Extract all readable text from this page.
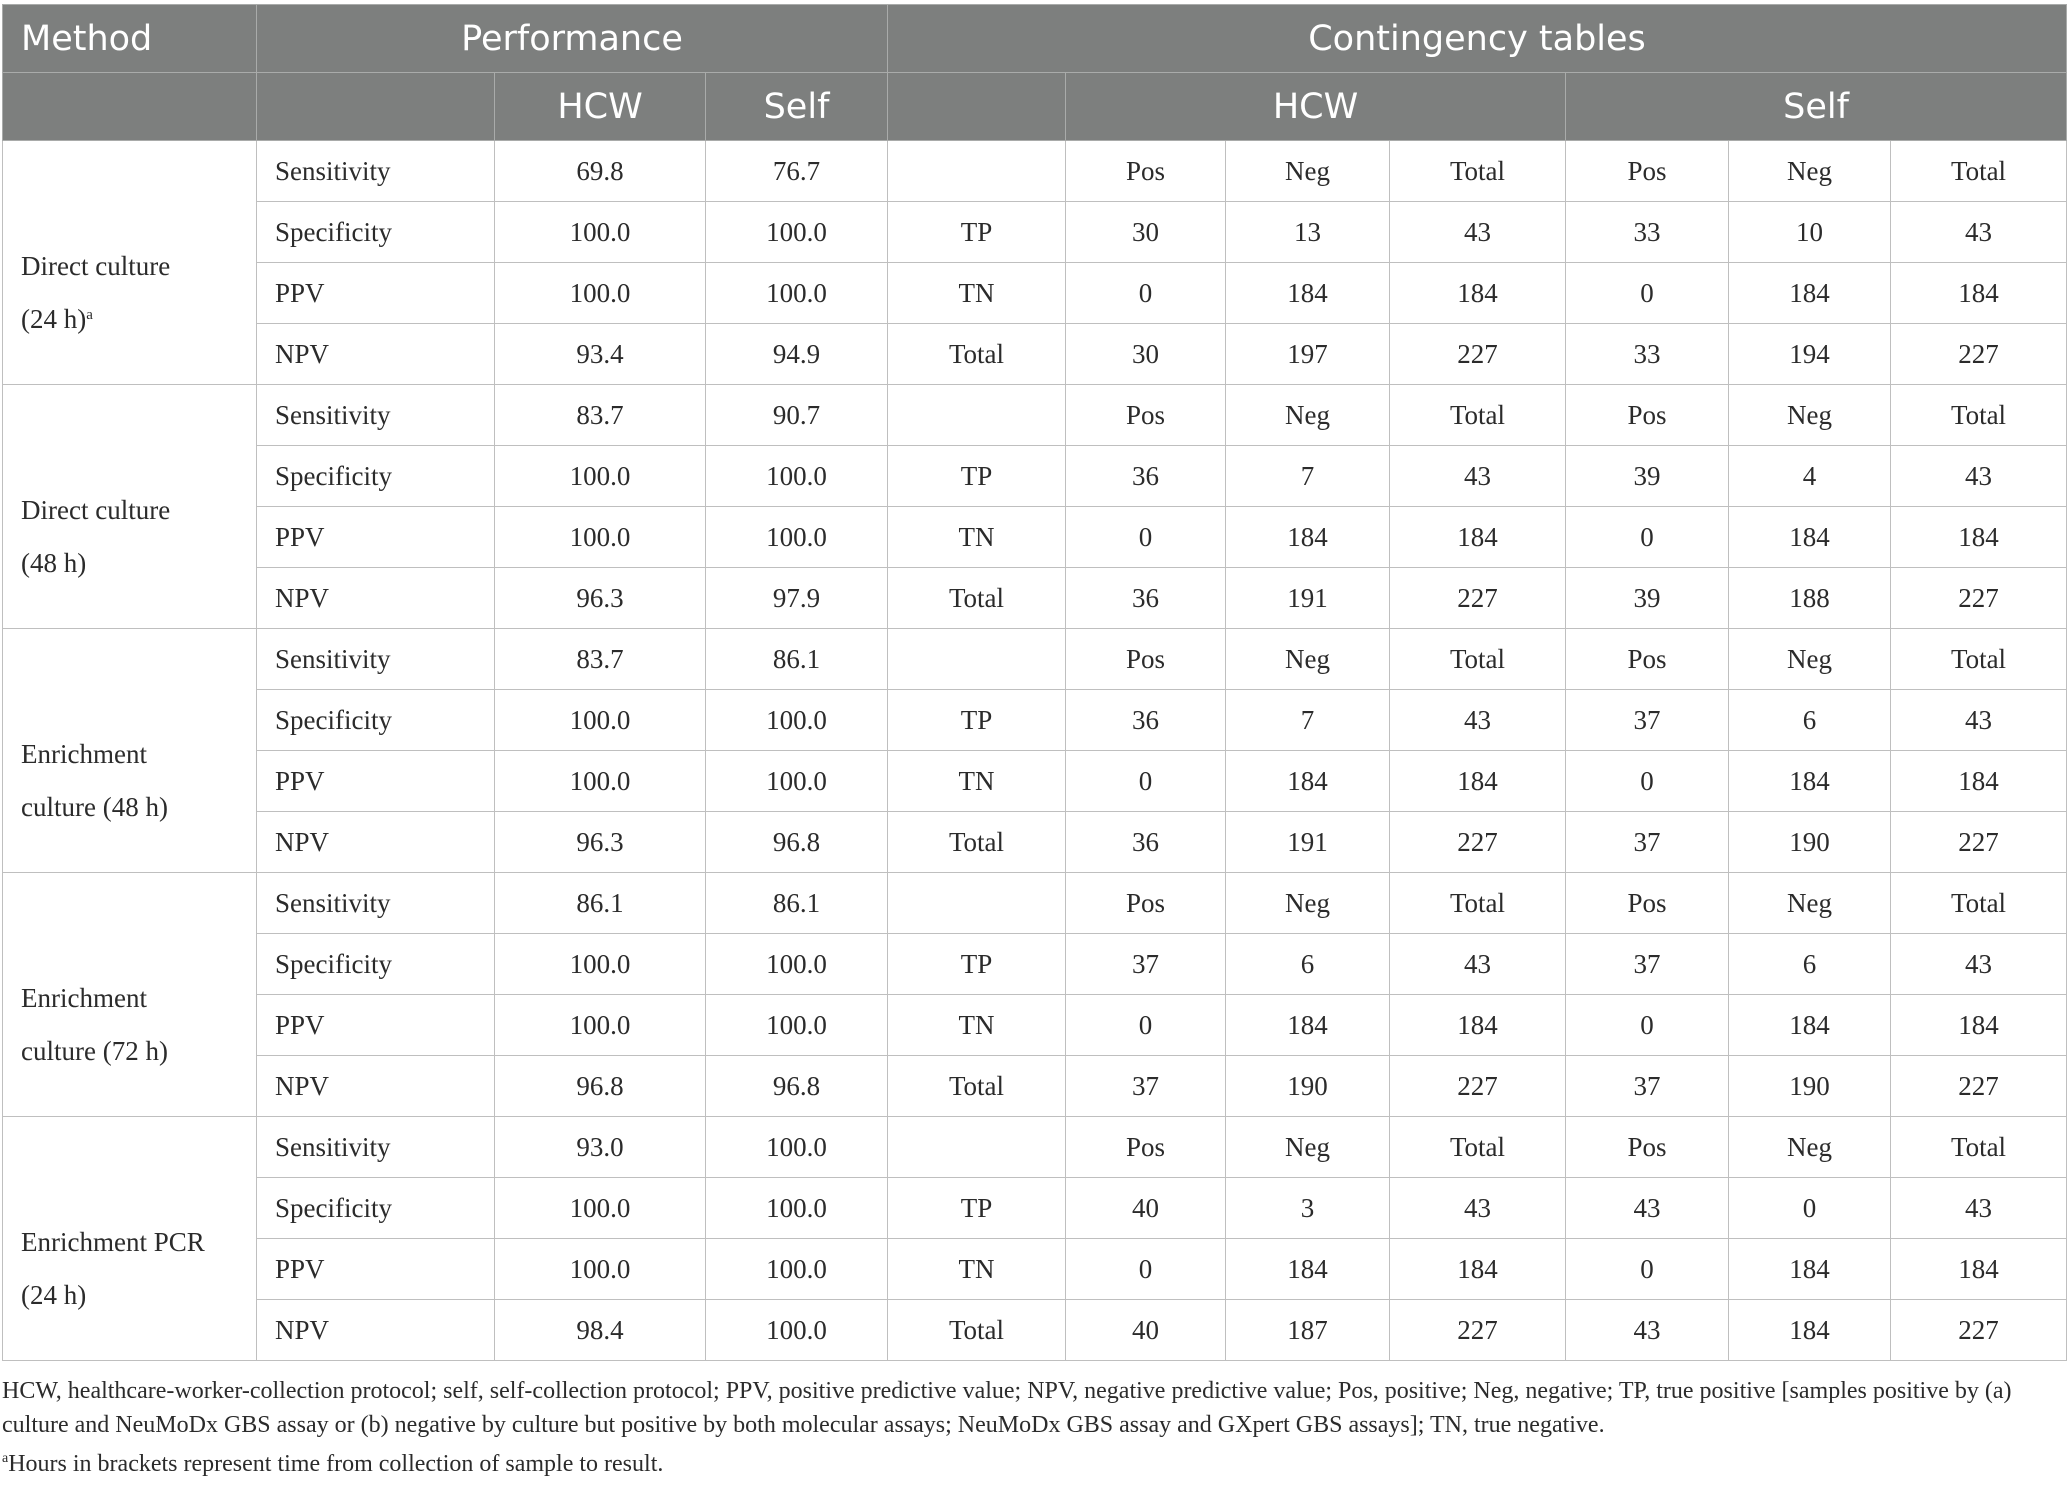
Method	Performance			Contingency tables						
		HCW	Self		HCW			Self		
Direct culture
(24 h)$^a$	Sensitivity	69.8	76.7		Pos	Neg	Total	Pos	Neg	Total
	Specificity	100.0	100.0	TP	30	13	43	33	10	43
	PPV	100.0	100.0	TN	0	184	184	0	184	184
	NPV	93.4	94.9	Total	30	197	227	33	194	227
Direct culture
(48 h)	Sensitivity	83.7	90.7		Pos	Neg	Total	Pos	Neg	Total
	Specificity	100.0	100.0	TP	36	7	43	39	4	43
	PPV	100.0	100.0	TN	0	184	184	0	184	184
	NPV	96.3	97.9	Total	36	191	227	39	188	227
Enrichment
culture (48 h)	Sensitivity	83.7	86.1		Pos	Neg	Total	Pos	Neg	Total
	Specificity	100.0	100.0	TP	36	7	43	37	6	43
	PPV	100.0	100.0	TN	0	184	184	0	184	184
	NPV	96.3	96.8	Total	36	191	227	37	190	227
Enrichment
culture (72 h)	Sensitivity	86.1	86.1		Pos	Neg	Total	Pos	Neg	Total
	Specificity	100.0	100.0	TP	37	6	43	37	6	43
	PPV	100.0	100.0	TN	0	184	184	0	184	184
	NPV	96.8	96.8	Total	37	190	227	37	190	227
Enrichment PCR
(24 h)	Sensitivity	93.0	100.0		Pos	Neg	Total	Pos	Neg	Total
	Specificity	100.0	100.0	TP	40	3	43	43	0	43
	PPV	100.0	100.0	TN	0	184	184	0	184	184
	NPV	98.4	100.0	Total	40	187	227	43	184	227

HCW, healthcare-worker-collection protocol; self, self-collection protocol; PPV, positive predictive value; NPV, negative predictive value; Pos, positive; Neg, negative; TP, true positive [samples positive by (a) culture and NeuMoDx GBS assay or (b) negative by culture but positive by both molecular assays; NeuMoDx GBS assay and GXpert GBS assays]; TN, true negative.

$^a$Hours in brackets represent time from collection of sample to result.
